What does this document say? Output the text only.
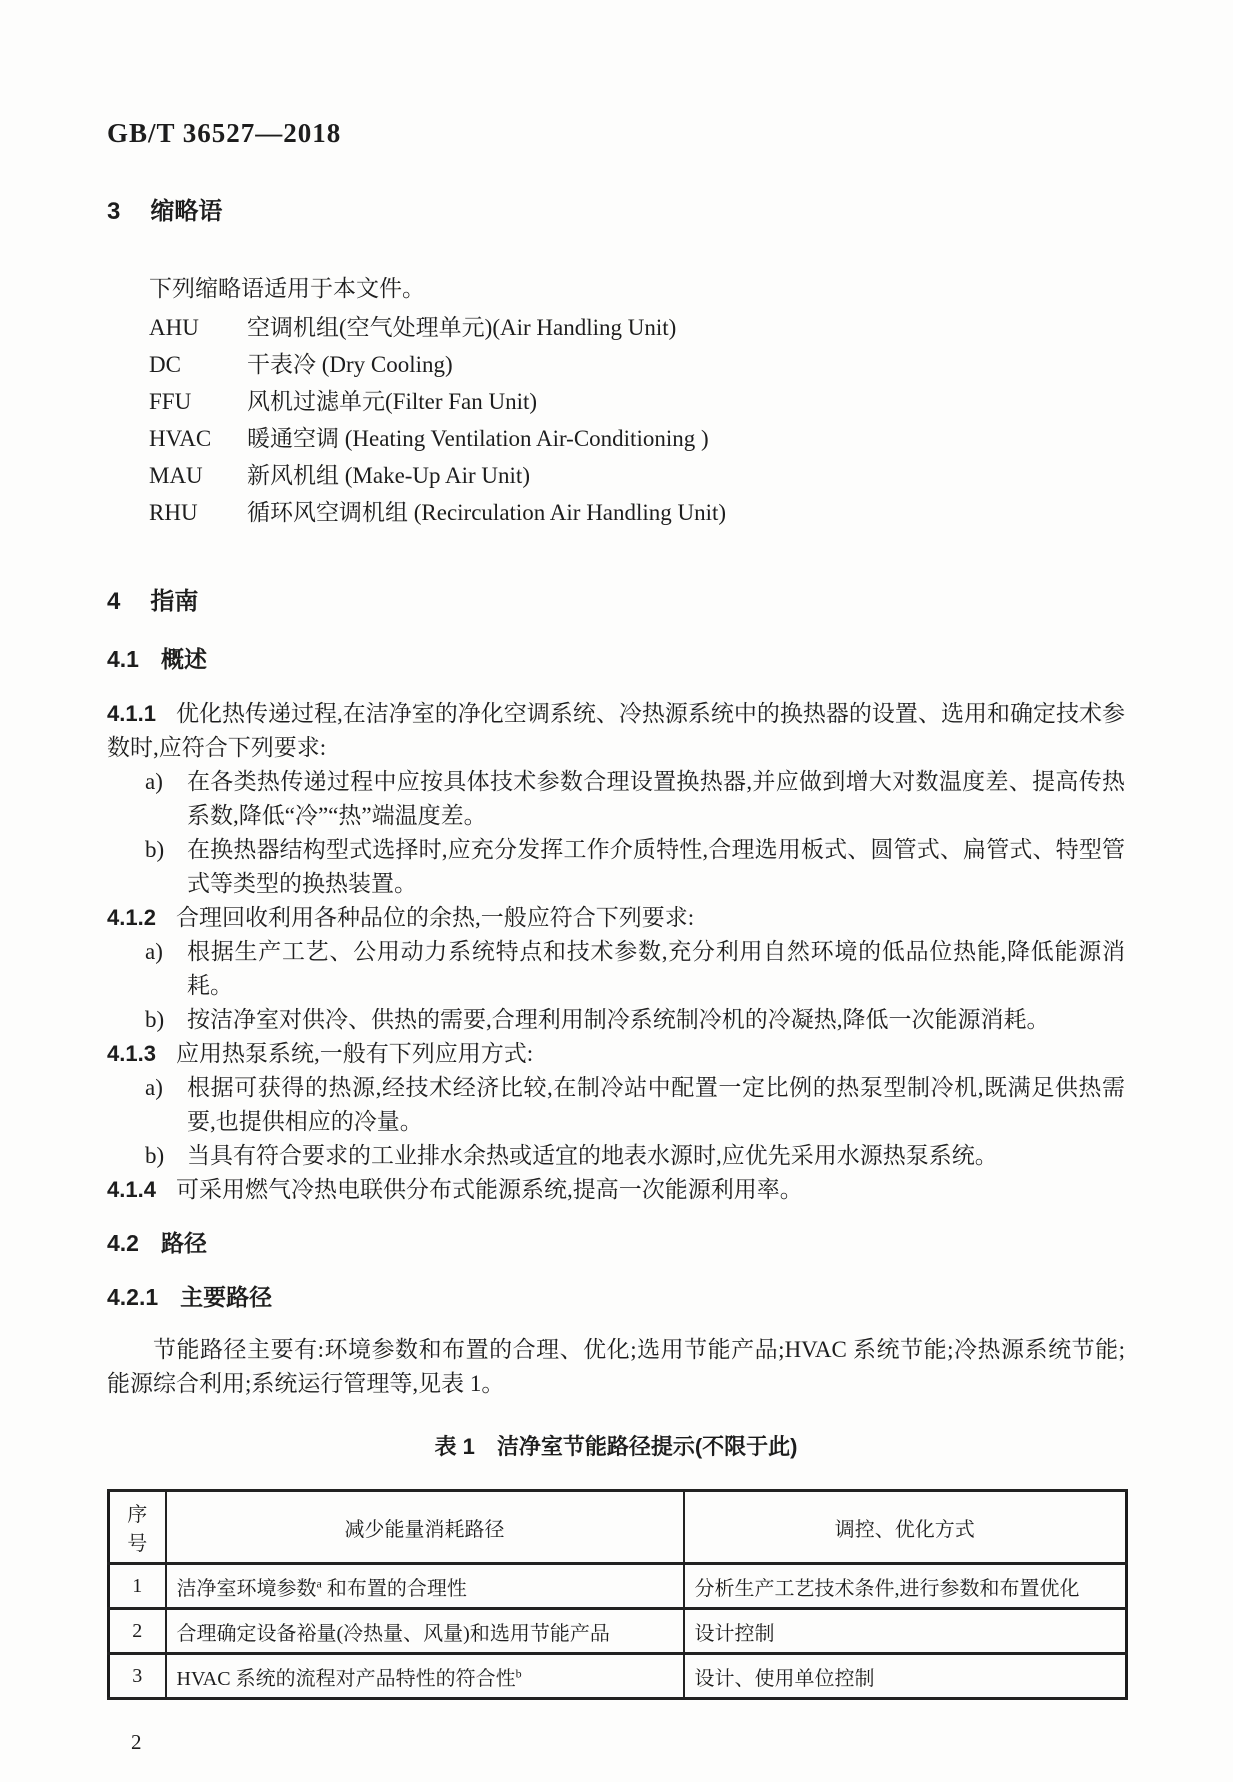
GB/T 36527—2018
3 缩略语
下列缩略语适用于本文件。
AHU 空调机组(空气处理单元)(Air Handling Unit)
DC	干表冷 (Dry Cooling)
FFU 风机过滤单元(Filter Fan Unit)
HVAC 暖通空调 (Heating Ventilation Air-Conditioning )
MAU 新风机组 (Make-Up Air Unit)
RHU 循环风空调机组 (Recirculation Air Handling Unit)
4 指南
4.1 概述

4.1.1 优化热传递过程,在洁净室的净化空调系统、冷热源系统中的换热器的设置、选用和确定技术参数时,应符合下列要求:

a)	在各类热传递过程中应按具体技术参数合理设置换热器,并应做到增大对数温度差、提高传热系数,降低“冷”“热”端温度差。
b) 在换热器结构型式选择时,应充分发挥工作介质特性,合理选用板式、圆管式、扁管式、特型管式等类型的换热装置。

4.1.2 合理回收利用各种品位的余热,一般应符合下列要求:

a)	根据生产工艺、公用动力系统特点和技术参数,充分利用自然环境的低品位热能,降低能源消耗。
b) 按洁净室对供冷、供热的需要,合理利用制冷系统制冷机的冷凝热,降低一次能源消耗。

4.1.3 应用热泵系统,一般有下列应用方式:

a)	根据可获得的热源,经技术经济比较,在制冷站中配置一定比例的热泵型制冷机,既满足供热需要,也提供相应的冷量。
b) 当具有符合要求的工业排水余热或适宜的地表水源时,应优先采用水源热泵系统。

4.1.4 可采用燃气冷热电联供分布式能源系统,提高一次能源利用率。

4.2 路径
4.2.1 主要路径

节能路径主要有:环境参数和布置的合理、优化;选用节能产品;HVAC 系统节能;冷热源系统节能;能源综合利用;系统运行管理等,见表 1。

表 1 洁净室节能路径提示(不限于此)
序号	减少能量消耗路径	调控、优化方式
1	洁净室环境参数$^a$ 和布置的合理性	分析生产工艺技术条件,进行参数和布置优化
2	合理确定设备裕量(冷热量、风量)和选用节能产品	设计控制
3	HVAC 系统的流程对产品特性的符合性$^b$	设计、使用单位控制
2
